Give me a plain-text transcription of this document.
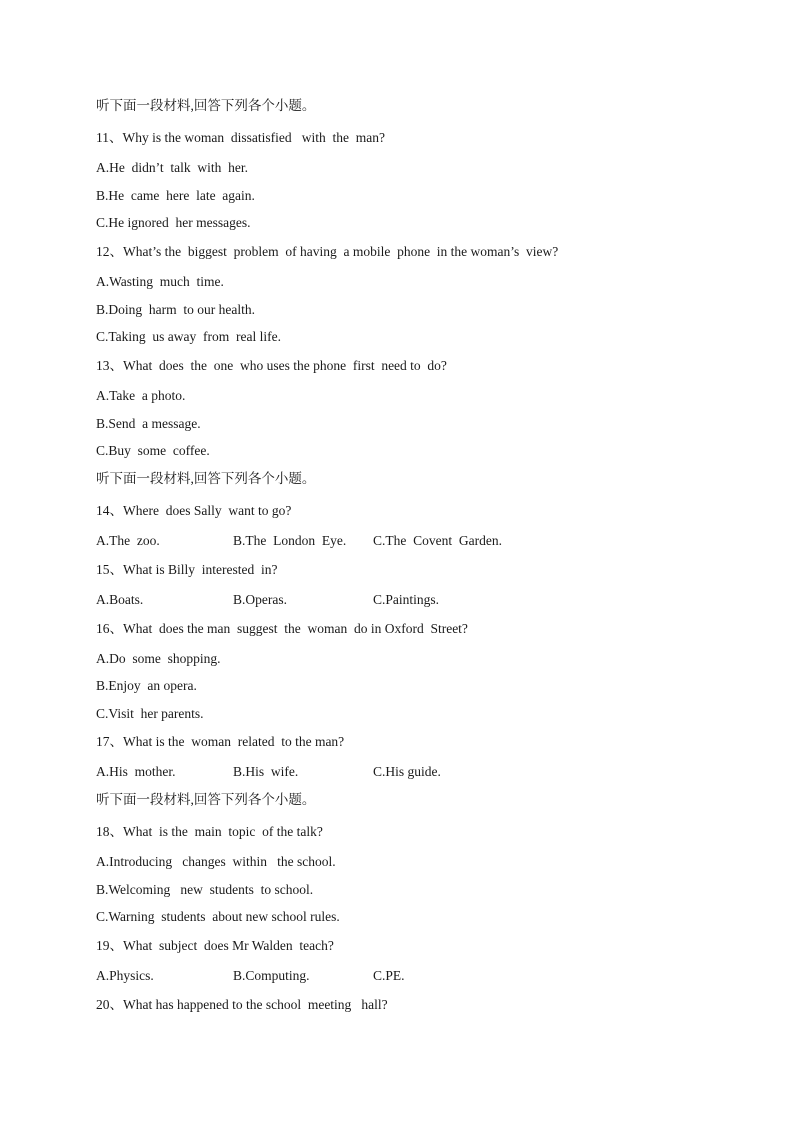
听下面一段材料,回答下列各个小题。
11、Why is the woman  dissatisfied   with  the  man?
A.He  didn’t  talk  with  her.
B.He  came  here  late  again.
C.He ignored  her messages.
12、What’s the  biggest  problem  of having  a mobile  phone  in the woman’s  view?
A.Wasting  much  time.
B.Doing  harm  to our health.
C.Taking  us away  from  real life.
13、What  does  the  one  who uses the phone  first  need to  do?
A.Take  a photo.
B.Send  a message.
C.Buy  some  coffee.
听下面一段材料,回答下列各个小题。
14、Where  does Sally  want to go?
A.The  zoo.	B.The  London  Eye. C.The  Covent  Garden.
15、What is Billy  interested  in?
A.Boats.	B.Operas.	C.Paintings.
16、What  does the man  suggest  the  woman  do in Oxford  Street?
A.Do  some  shopping.
B.Enjoy  an opera.
C.Visit  her parents.
17、What is the  woman  related  to the man?
A.His  mother.	B.His  wife.	C.His guide.
听下面一段材料,回答下列各个小题。
18、What  is the  main  topic  of the talk?
A.Introducing   changes  within   the school.
B.Welcoming   new  students  to school.
C.Warning  students  about new school rules.
19、What  subject  does Mr Walden  teach?
A.Physics.	B.Computing.	C.PE.
20、What has happened to the school  meeting   hall?
